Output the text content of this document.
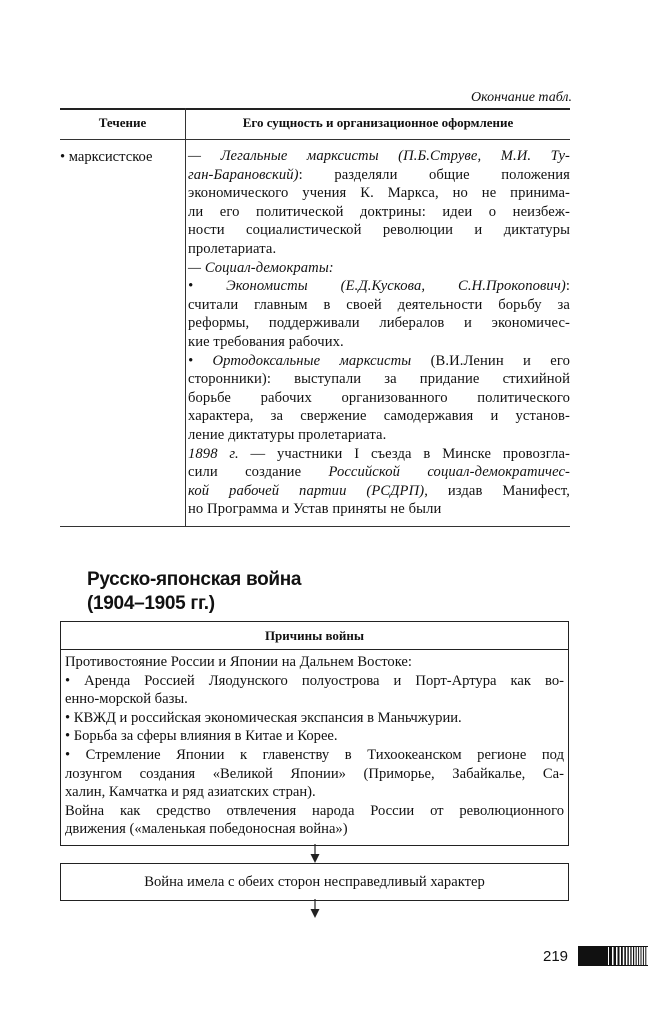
Окончание табл.
Течение	Его сущность и организационное оформление
• марксистское	— Легальные марксисты (П.Б.Струве, М.И. Ту-
ган-Барановский): разделяли общие положения
экономического учения К. Маркса, но не принима-
ли его политической доктрины: идеи о неизбеж-
ности социалистической революции и диктатуры
пролетариата.
— Социал-демократы:
• Экономисты (Е.Д.Кускова, С.Н.Прокопович):
считали главным в своей деятельности борьбу за
реформы, поддерживали либералов и экономичес-
кие требования рабочих.
• Ортодоксальные марксисты (В.И.Ленин и его
сторонники): выступали за придание стихийной
борьбе рабочих организованного политического
характера, за свержение самодержавия и установ-
ление диктатуры пролетариата.
1898 г. — участники I съезда в Минске провозгла-
сили создание Российской социал-демократичес-
кой рабочей партии (РСДРП), издав Манифест,
но Программа и Устав приняты не были
Русско-японская война
(1904–1905 гг.)
Причины войны
Противостояние России и Японии на Дальнем Востоке:
• Аренда Россией Ляодунского полуострова и Порт-Артура как во-
енно-морской базы.
• КВЖД и российская экономическая экспансия в Маньчжурии.
• Борьба за сферы влияния в Китае и Корее.
• Стремление Японии к главенству в Тихоокеанском регионе под
лозунгом создания «Великой Японии» (Приморье, Забайкалье, Са-
халин, Камчатка и ряд азиатских стран).
Война как средство отвлечения народа России от революционного
движения («маленькая победоносная война»)
Война имела с обеих сторон несправедливый характер
219
